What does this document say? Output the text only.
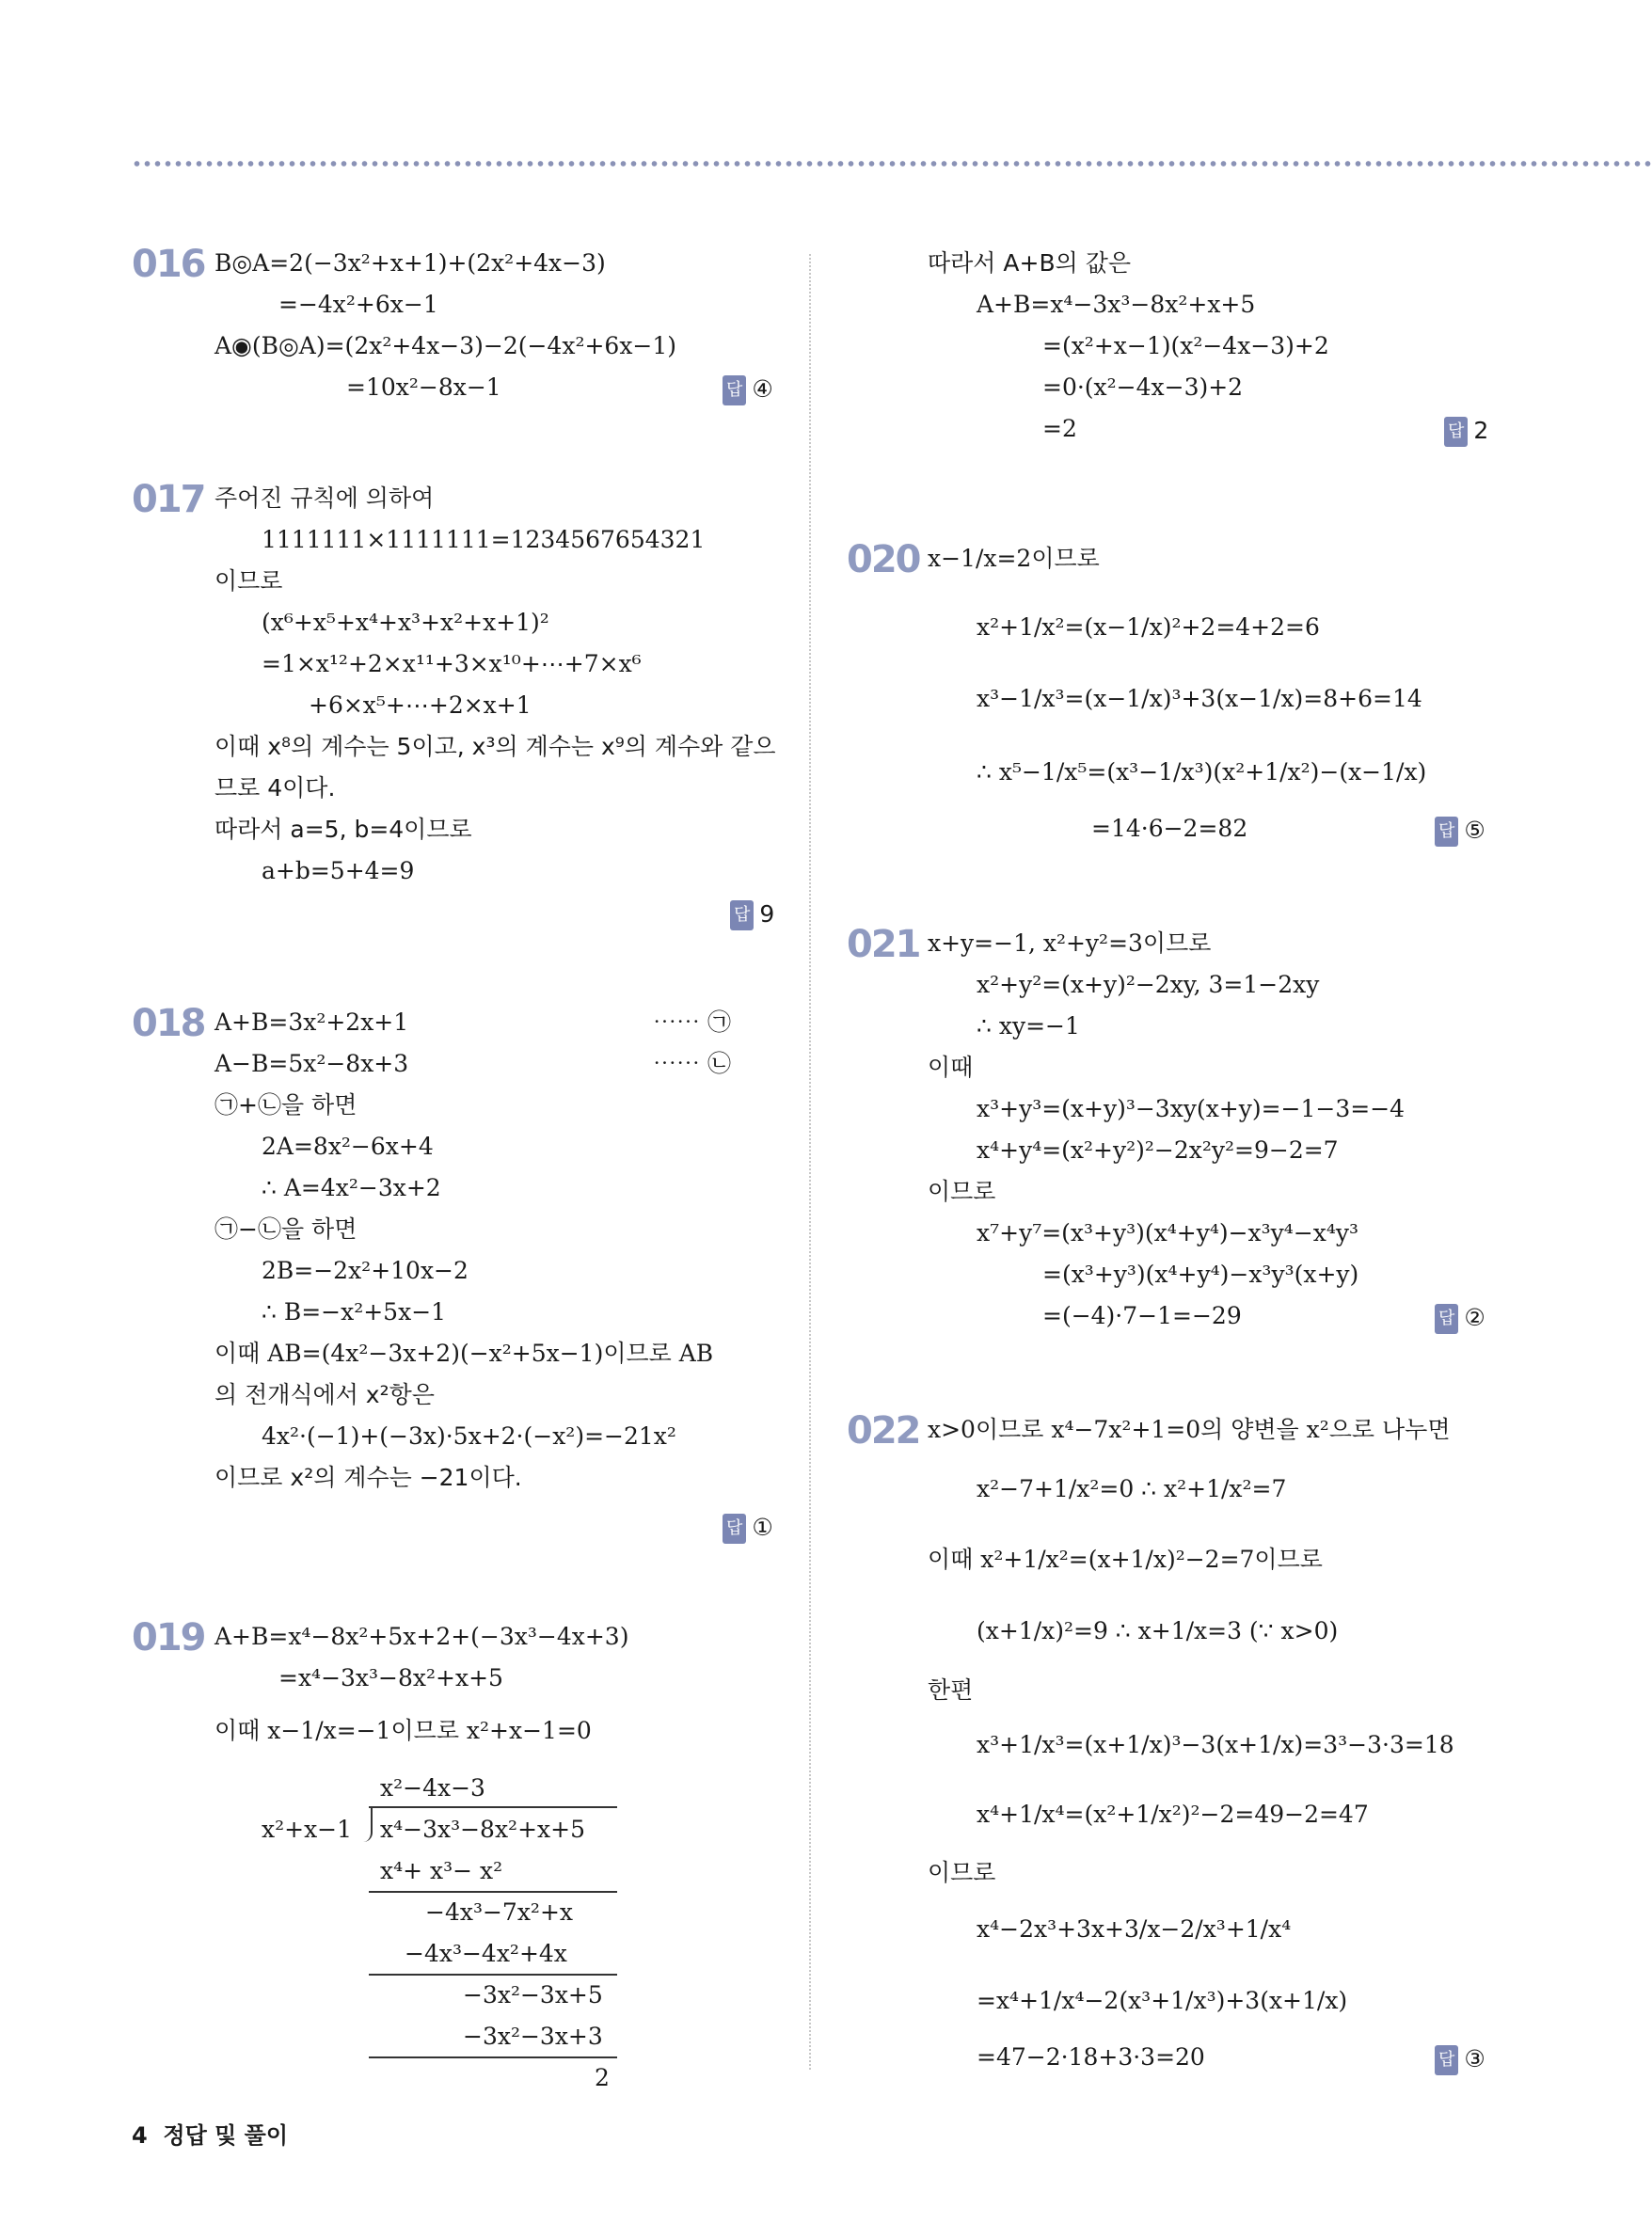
016 B◎A=2(−3x²+x+1)+(2x²+4x−3)
=−4x²+6x−1
A◉(B◎A)=(2x²+4x−3)−2(−4x²+6x−1)
=10x²−8x−1	답 ④
017 주어진 규칙에 의하여
1111111×1111111=1234567654321
이므로
(x⁶+x⁵+x⁴+x³+x²+x+1)²
=1×x¹²+2×x¹¹+3×x¹⁰+⋯+7×x⁶
+6×x⁵+⋯+2×x+1
이때 x⁸의 계수는 5이고, x³의 계수는 x⁹의 계수와 같으
므로 4이다.
따라서 a=5, b=4이므로
a+b=5+4=9
답 9
018 A+B=3x²+2x+1	⋯⋯ ㉠
A−B=5x²−8x+3	⋯⋯ ㉡
㉠+㉡을 하면
2A=8x²−6x+4
∴ A=4x²−3x+2
㉠−㉡을 하면
2B=−2x²+10x−2
∴ B=−x²+5x−1
이때 AB=(4x²−3x+2)(−x²+5x−1)이므로 AB
의 전개식에서 x²항은
4x²·(−1)+(−3x)·5x+2·(−x²)=−21x²
이므로 x²의 계수는 −21이다.
답 ①
019 A+B=x⁴−8x²+5x+2+(−3x³−4x+3)
=x⁴−3x³−8x²+x+5
이때 x−1/x=−1이므로 x²+x−1=0
x²−4x−3
x²+x−1 x⁴−3x³−8x²+x+5
x⁴+ x³− x²
−4x³−7x²+x
−4x³−4x²+4x
−3x²−3x+5
−3x²−3x+3
2
4 정답 및 풀이
따라서 A+B의 값은
A+B=x⁴−3x³−8x²+x+5
=(x²+x−1)(x²−4x−3)+2
=0·(x²−4x−3)+2
=2	답 2
020 x−1/x=2이므로
x²+1/x²=(x−1/x)²+2=4+2=6
x³−1/x³=(x−1/x)³+3(x−1/x)=8+6=14
∴ x⁵−1/x⁵=(x³−1/x³)(x²+1/x²)−(x−1/x)
=14·6−2=82	답 ⑤
021 x+y=−1, x²+y²=3이므로
x²+y²=(x+y)²−2xy, 3=1−2xy
∴ xy=−1
이때
x³+y³=(x+y)³−3xy(x+y)=−1−3=−4
x⁴+y⁴=(x²+y²)²−2x²y²=9−2=7
이므로
x⁷+y⁷=(x³+y³)(x⁴+y⁴)−x³y⁴−x⁴y³
=(x³+y³)(x⁴+y⁴)−x³y³(x+y)
=(−4)·7−1=−29	답 ②
022 x>0이므로 x⁴−7x²+1=0의 양변을 x²으로 나누면
x²−7+1/x²=0 ∴ x²+1/x²=7
이때 x²+1/x²=(x+1/x)²−2=7이므로
(x+1/x)²=9 ∴ x+1/x=3 (∵ x>0)
한편
x³+1/x³=(x+1/x)³−3(x+1/x)=3³−3·3=18
x⁴+1/x⁴=(x²+1/x²)²−2=49−2=47
이므로
x⁴−2x³+3x+3/x−2/x³+1/x⁴
=x⁴+1/x⁴−2(x³+1/x³)+3(x+1/x)
=47−2·18+3·3=20	답 ③
